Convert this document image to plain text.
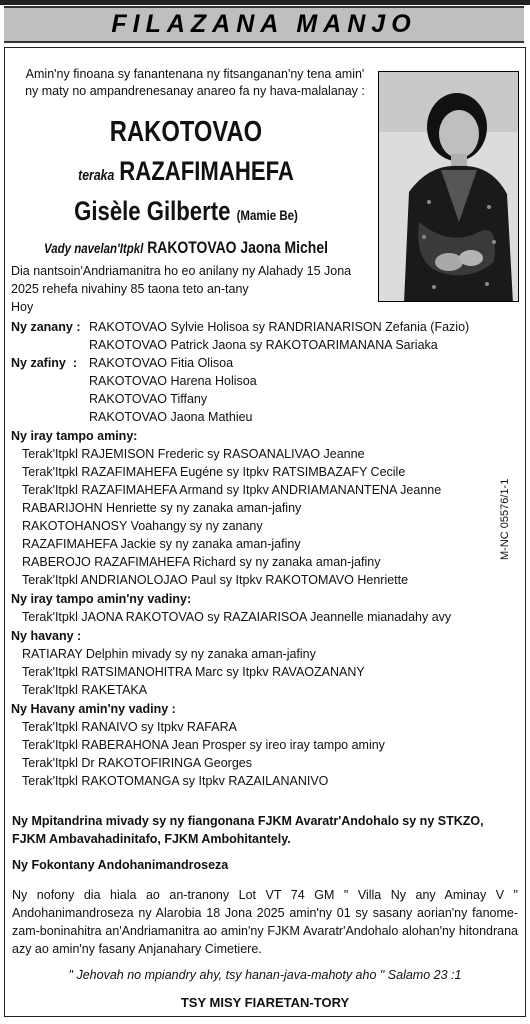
FILAZANA MANJO
Amin'ny finoana sy fanantenana ny fitsanganan'ny tena amin' ny maty no ampandrenesanay anareo fa ny hava-malalanay :
RAKOTOVAO
teraka RAZAFIMAHEFA
Gisèle Gilberte (Mamie Be)
Vady navelan'Itpkl RAKOTOVAO Jaona Michel
Dia nantsoin'Andriamanitra ho eo anilany ny Alahady 15 Jona
2025 rehefa nivahiny 85 taona teto an-tany
Hoy
Ny zanany : RAKOTOVAO Sylvie Holisoa sy RANDRIANARISON Zefania (Fazio)
RAKOTOVAO Patrick Jaona sy RAKOTOARIMANANA Sariaka
Ny zafiny  : RAKOTOVAO Fitia Olisoa
RAKOTOVAO Harena Holisoa
RAKOTOVAO Tiffany
RAKOTOVAO Jaona Mathieu
Ny iray tampo aminy:
Terak'Itpkl RAJEMISON Frederic sy RASOANALIVAO Jeanne
Terak'Itpkl RAZAFIMAHEFA Eugéne sy Itpkv RATSIMBAZAFY Cecile
Terak'Itpkl RAZAFIMAHEFA Armand sy Itpkv ANDRIAMANANTENA Jeanne
RABARIJOHN Henriette sy ny zanaka aman-jafiny
RAKOTOHANOSY Voahangy sy ny zanany
RAZAFIMAHEFA Jackie sy ny zanaka aman-jafiny
RABEROJO RAZAFIMAHEFA Richard sy ny zanaka aman-jafiny
Terak'Itpkl ANDRIANOLOJAO Paul sy Itpkv RAKOTOMAVO Henriette
Ny iray tampo amin'ny vadiny:
Terak'Itpkl JAONA RAKOTOVAO sy RAZAIARISOA Jeannelle mianadahy avy
Ny havany :
RATIARAY Delphin mivady sy ny zanaka aman-jafiny
Terak'Itpkl RATSIMANOHITRA Marc sy Itpkv RAVAOZANANY
Terak'Itpkl RAKETAKA
Ny Havany amin'ny vadiny :
Terak'Itpkl RANAIVO sy Itpkv RAFARA
Terak'Itpkl RABERAHONA Jean Prosper sy ireo iray tampo aminy
Terak'Itpkl Dr RAKOTOFIRINGA Georges
Terak'Itpkl RAKOTOMANGA sy Itpkv RAZAILANANIVO
M-NC 05576/1-1
Ny Mpitandrina mivady sy ny fiangonana FJKM Avaratr'Andohalo sy ny STKZO, FJKM Ambavahadinitafo, FJKM Ambohitantely.
Ny Fokontany Andohanimandroseza
Ny nofony dia hiala ao an-tranony Lot VT 74 GM " Villa Ny any Aminay V " Andohanimandroseza ny Alarobia 18 Jona 2025 amin'ny 01 sy sasany aorian'ny fanome-zam-boninahitra an'Andriamanitra ao amin'ny FJKM Avaratr'Andohalo alohan'ny hitondrana azy ao amin'ny fasany Anjanahary Cimetiere.
" Jehovah no mpiandry ahy, tsy hanan-java-mahoty aho " Salamo 23 :1
TSY MISY FIARETAN-TORY
